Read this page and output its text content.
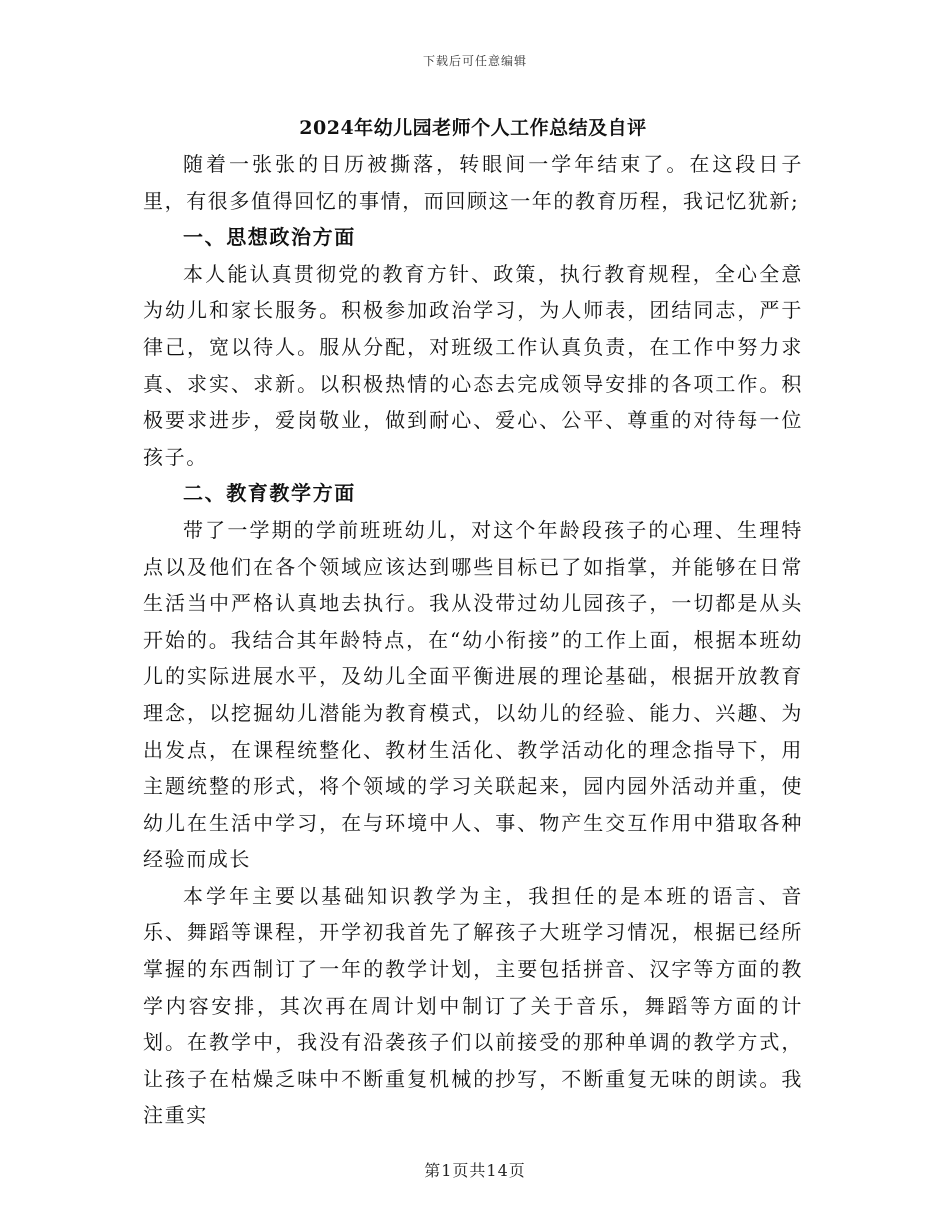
下载后可任意编辑
2024年幼儿园老师个人工作总结及自评

随着一张张的日历被撕落，转眼间一学年结束了。在这段日子里，有很多值得回忆的事情，而回顾这一年的教育历程，我记忆犹新;

一、思想政治方面

本人能认真贯彻党的教育方针、政策，执行教育规程，全心全意为幼儿和家长服务。积极参加政治学习，为人师表，团结同志，严于律己，宽以待人。服从分配，对班级工作认真负责，在工作中努力求真、求实、求新。以积极热情的心态去完成领导安排的各项工作。积极要求进步，爱岗敬业，做到耐心、爱心、公平、尊重的对待每一位孩子。

二、教育教学方面

带了一学期的学前班班幼儿，对这个年龄段孩子的心理、生理特点以及他们在各个领域应该达到哪些目标已了如指掌，并能够在日常生活当中严格认真地去执行。我从没带过幼儿园孩子，一切都是从头开始的。我结合其年龄特点，在“幼小衔接”的工作上面，根据本班幼儿的实际进展水平，及幼儿全面平衡进展的理论基础，根据开放教育理念，以挖掘幼儿潜能为教育模式，以幼儿的经验、能力、兴趣、为出发点，在课程统整化、教材生活化、教学活动化的理念指导下，用主题统整的形式，将个领域的学习关联起来，园内园外活动并重，使幼儿在生活中学习，在与环境中人、事、物产生交互作用中猎取各种经验而成长

本学年主要以基础知识教学为主，我担任的是本班的语言、音乐、舞蹈等课程，开学初我首先了解孩子大班学习情况，根据已经所掌握的东西制订了一年的教学计划，主要包括拼音、汉字等方面的教学内容安排，其次再在周计划中制订了关于音乐，舞蹈等方面的计划。在教学中，我没有沿袭孩子们以前接受的那种单调的教学方式，让孩子在枯燥乏味中不断重复机械的抄写，不断重复无味的朗读。我注重实

第1页共14页
